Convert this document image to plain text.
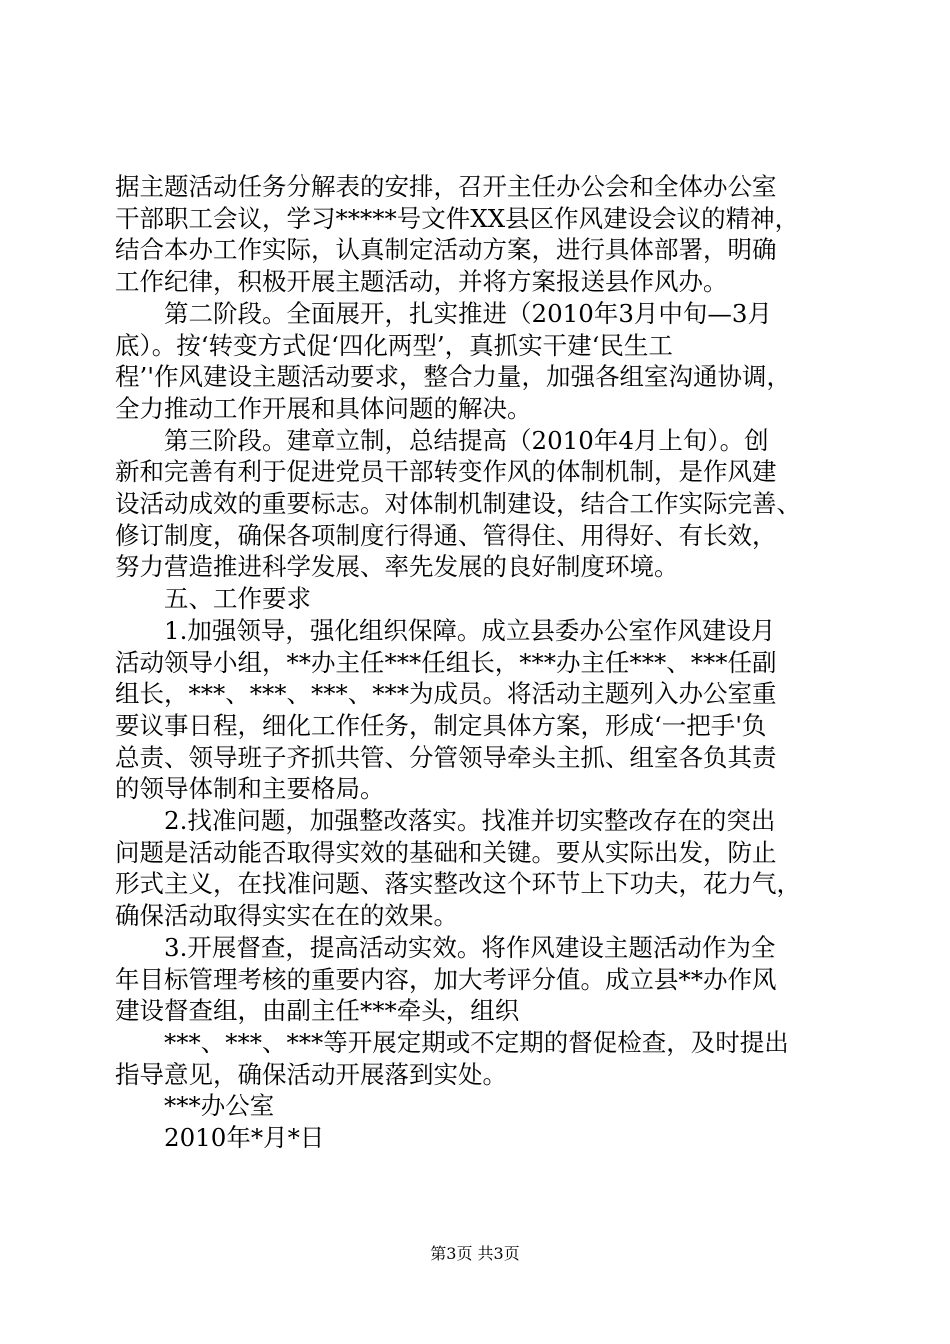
据主题活动任务分解表的安排，召开主任办公会和全体办公室
干部职工会议，学习*****号文件XX县区作风建设会议的精神，
结合本办工作实际，认真制定活动方案，进行具体部署，明确
工作纪律，积极开展主题活动，并将方案报送县作风办。
　　第二阶段。全面展开，扎实推进（2010年3月中旬—3月
底）。按‘转变方式促‘四化两型’，真抓实干建‘民生工
程’'作风建设主题活动要求，整合力量，加强各组室沟通协调，
全力推动工作开展和具体问题的解决。
　　第三阶段。建章立制，总结提高（2010年4月上旬）。创
新和完善有利于促进党员干部转变作风的体制机制，是作风建
设活动成效的重要标志。对体制机制建设，结合工作实际完善、
修订制度，确保各项制度行得通、管得住、用得好、有长效，
努力营造推进科学发展、率先发展的良好制度环境。
　　五、工作要求
　　1.加强领导，强化组织保障。成立县委办公室作风建设月
活动领导小组，**办主任***任组长，***办主任***、***任副
组长，***、***、***、***为成员。将活动主题列入办公室重
要议事日程，细化工作任务，制定具体方案，形成‘一把手'负
总责、领导班子齐抓共管、分管领导牵头主抓、组室各负其责
的领导体制和主要格局。
　　2.找准问题，加强整改落实。找准并切实整改存在的突出
问题是活动能否取得实效的基础和关键。要从实际出发，防止
形式主义，在找准问题、落实整改这个环节上下功夫，花力气，
确保活动取得实实在在的效果。
　　3.开展督查，提高活动实效。将作风建设主题活动作为全
年目标管理考核的重要内容，加大考评分值。成立县**办作风
建设督查组，由副主任***牵头，组织
　　***、***、***等开展定期或不定期的督促检查，及时提出
指导意见，确保活动开展落到实处。
　　***办公室
　　2010年*月*日
第3页 共3页
